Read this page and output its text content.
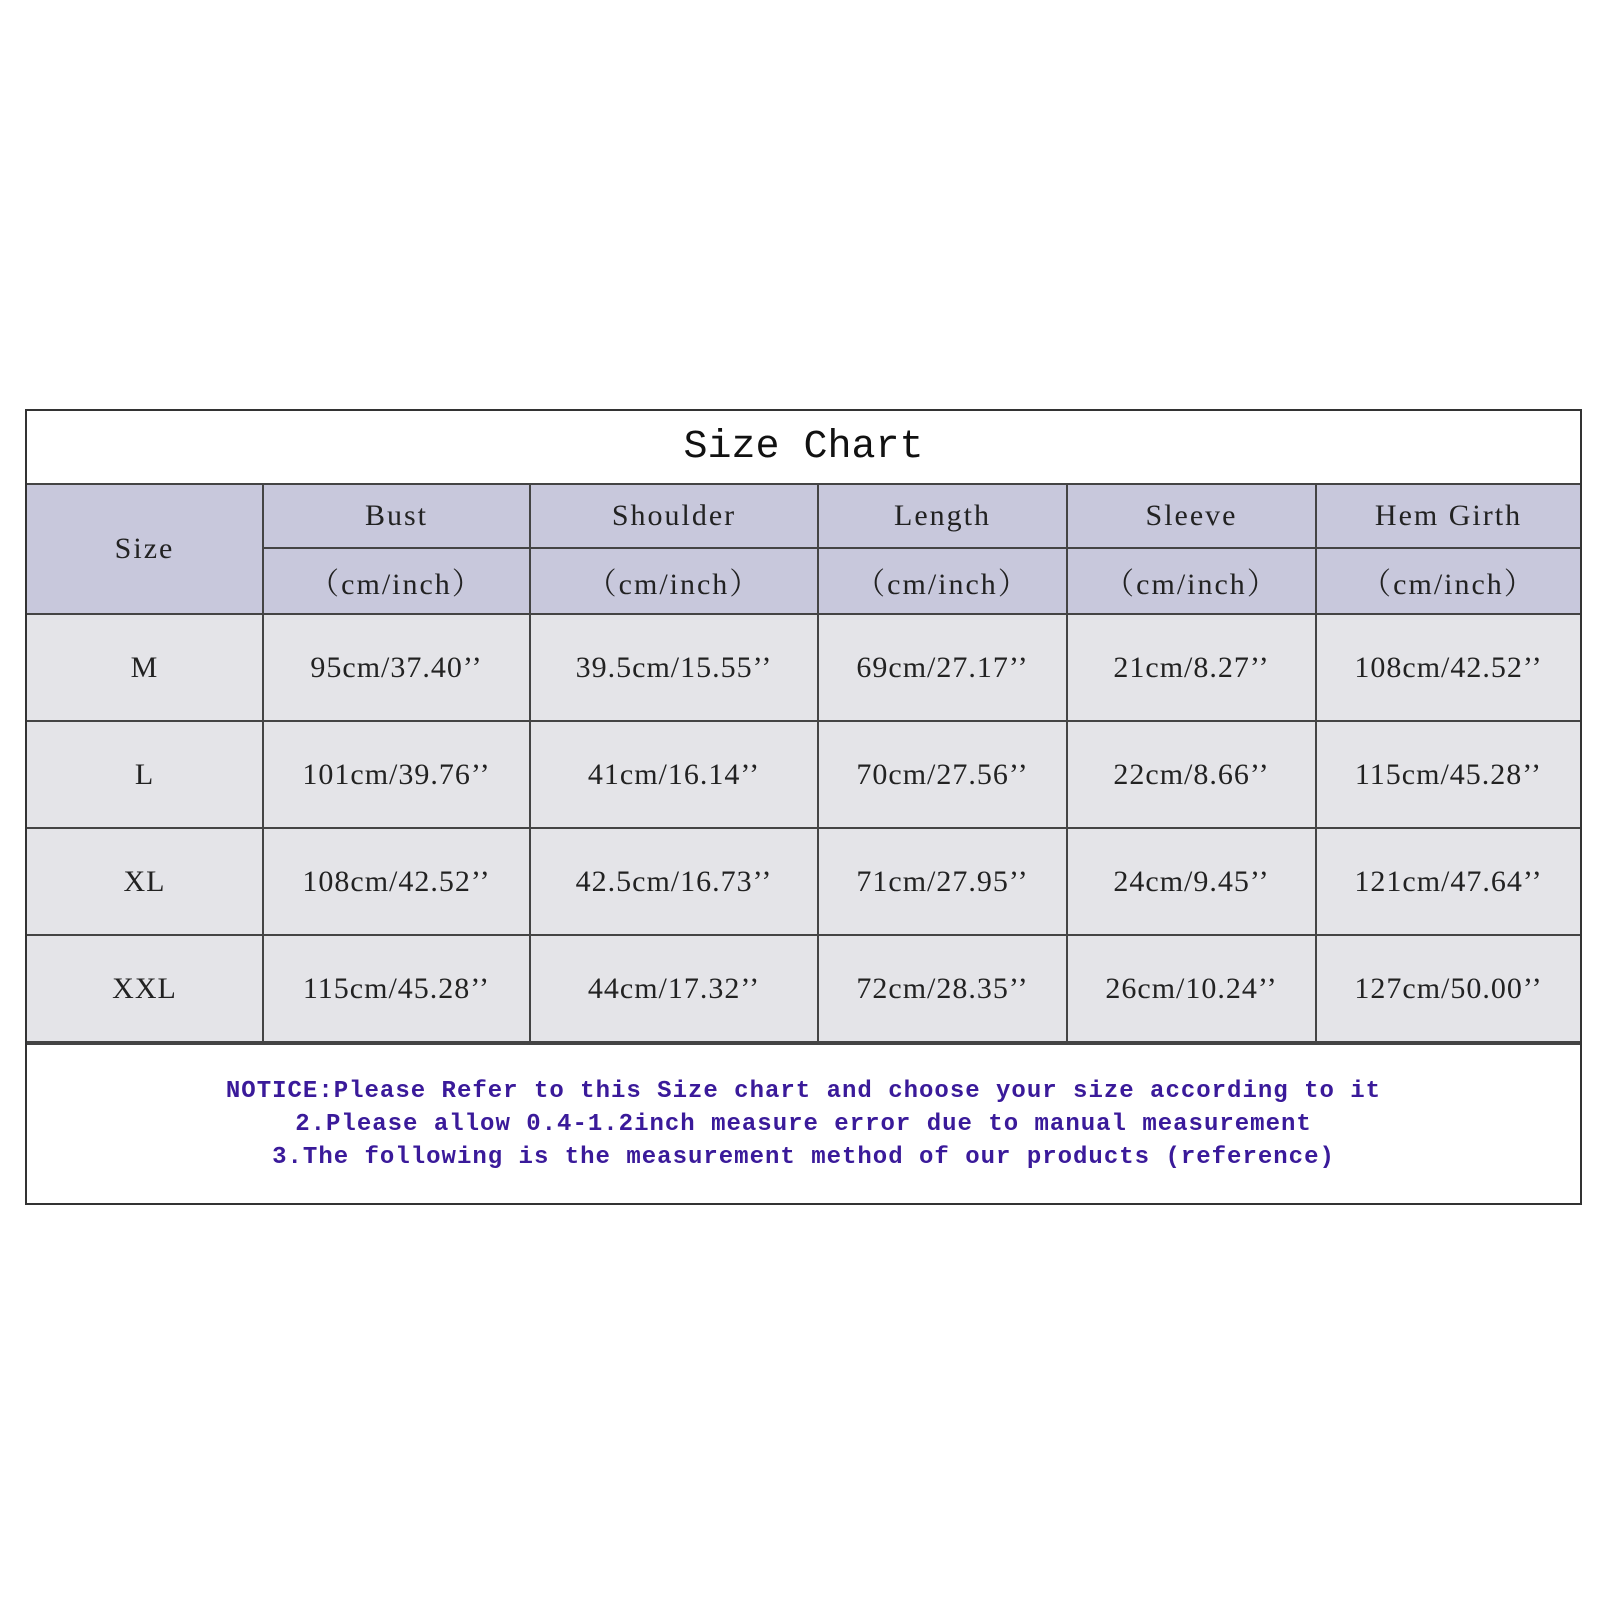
Size Chart
Size	Bust	Shoulder	Length	Sleeve	Hem Girth
	（cm/inch）	（cm/inch）	（cm/inch）	（cm/inch）	（cm/inch）
M	95cm/37.40’’	39.5cm/15.55’’	69cm/27.17’’	21cm/8.27’’	108cm/42.52’’
L	101cm/39.76’’	41cm/16.14’’	70cm/27.56’’	22cm/8.66’’	115cm/45.28’’
XL	108cm/42.52’’	42.5cm/16.73’’	71cm/27.95’’	24cm/9.45’’	121cm/47.64’’
XXL	115cm/45.28’’	44cm/17.32’’	72cm/28.35’’	26cm/10.24’’	127cm/50.00’’
NOTICE:Please Refer to this Size chart and choose your size according to it
2.Please allow 0.4-1.2inch measure error due to manual measurement
3.The following is the measurement method of our products (reference)
